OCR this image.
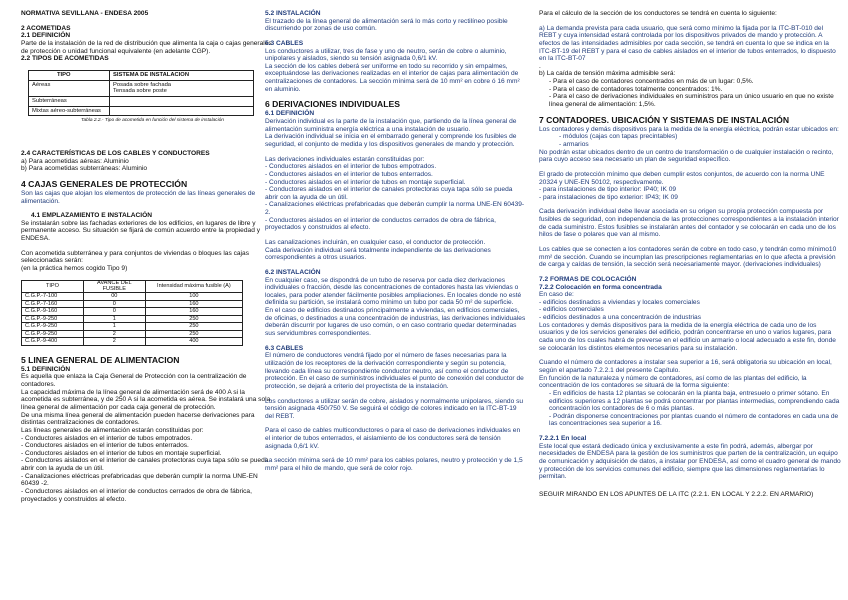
NORMATIVA SEVILLANA - ENDESA 2005

2 ACOMETIDAS

2.1 DEFINICIÓN

Parte de la instalación de la red de distribución que alimenta la caja o cajas generales de protección o unidad funcional equivalente (en adelante CGP).

2.2 TIPOS DE ACOMETIDAS

TIPO	SISTEMA DE INSTALACION
Aéreas	Posada sobre fachada
Tensada sobre poste
Subterráneas	
Mixtas aéreo-subterráneas	

Tabla 2.2.- Tipo de acometida en función del sistema de instalación

2.4 CARACTERÍSTICAS DE LOS CABLES Y CONDUCTORES

a) Para acometidas aéreas: Aluminio

b) Para acometidas subterráneas: Aluminio

4 CAJAS GENERALES DE PROTECCIÓN

Son las cajas que alojan los elementos de protección de las líneas generales de alimentación.

4.1 EMPLAZAMIENTO E INSTALACIÓN

Se instalarán sobre las fachadas exteriores de los edificios, en lugares de libre y permanente acceso. Su situación se fijará de común acuerdo entre la propiedad y ENDESA.

Con acometida subterránea y para conjuntos de viviendas o bloques las cajas seleccionadas serán:

(en la práctica hemos cogido Tipo 9)

TIPO	AVANCE DEL FUSIBLE	Intensidad máxima fusible (A)
C.G.P.-7-100	00	100
C.G.P.-7-160	0	160
C.G.P.-9-160	0	160
C.G.P.-9-250	1	250
C.G.P.-9-250	1	250
C.G.P.-9-250	2	250
C.G.P.-9-400	2	400

5 LINEA GENERAL DE ALIMENTACION

5.1 DEFINICIÓN

Es aquella que enlaza la Caja General de Protección con la centralización de contadores.

La capacidad máxima de la línea general de alimentación será de 400 A si la acometida es subterránea, y de 250 A si la acometida es aérea. Se instalará una sola línea general de alimentación por cada caja general de protección.

De una misma línea general de alimentación pueden hacerse derivaciones para distintas centralizaciones de contadores.

Las líneas generales de alimentación estarán constituidas por:

- Conductores aislados en el interior de tubos empotrados.

- Conductores aislados en el interior de tubos enterrados.

- Conductores aislados en el interior de tubos en montaje superficial.

- Conductores aislados en el interior de canales protectoras cuya tapa sólo se pueda abrir con la ayuda de un útil.

- Canalizaciones eléctricas prefabricadas que deberán cumplir la norma UNE-EN 60439 -2.

- Conductores aislados en el interior de conductos cerrados de obra de fábrica, proyectados y construidos al efecto.

5.2 INSTALACIÓN

El trazado de la línea general de alimentación será lo más corto y rectilíneo posible discurriendo por zonas de uso común.

5.3 CABLES

Los conductores a utilizar, tres de fase y uno de neutro, serán de cobre o aluminio, unipolares y aislados, siendo su tensión asignada 0,6/1 kV.

La sección de los cables deberá ser uniforme en todo su recorrido y sin empalmes, exceptuándose las derivaciones realizadas en el interior de cajas para alimentación de centralizaciones de contadores. La sección mínima será de 10 mm² en cobre ó 16 mm² en aluminio.

6 DERIVACIONES INDIVIDUALES

6.1 DEFINICIÓN

Derivación individual es la parte de la instalación que, partiendo de la línea general de alimentación suministra energía eléctrica a una instalación de usuario.

La derivación individual se inicia en el embarrado general y comprende los fusibles de seguridad, el conjunto de medida y los dispositivos generales de mando y protección.

Las derivaciones individuales estarán constituidas por:

- Conductores aislados en el interior de tubos empotrados.

- Conductores aislados en el interior de tubos enterrados.

- Conductores aislados en el interior de tubos en montaje superficial.

- Conductores aislados en el interior de canales protectoras cuya tapa sólo se pueda abrir con la ayuda de un útil.

- Canalizaciones eléctricas prefabricadas que deberán cumplir la norma UNE-EN 60439-2.

- Conductores aislados en el interior de conductos cerrados de obra de fábrica, proyectados y construidos al efecto.

Las canalizaciones incluirán, en cualquier caso, el conductor de protección.

Cada derivación individual será totalmente independiente de las derivaciones correspondientes a otros usuarios.

6.2 INSTALACIÓN

En cualquier caso, se dispondrá de un tubo de reserva por cada diez derivaciones individuales o fracción, desde las concentraciones de contadores hasta las viviendas o locales, para poder atender fácilmente posibles ampliaciones. En locales donde no esté definida su partición, se instalará como mínimo un tubo por cada 50 m² de superficie.

En el caso de edificios destinados principalmente a viviendas, en edificios comerciales, de oficinas, o destinados a una concentración de industrias, las derivaciones individuales deberán discurrir por lugares de uso común, o en caso contrario quedar determinadas sus servidumbres correspondientes.

6.3 CABLES

El número de conductores vendrá fijado por el número de fases necesarias para la utilización de los receptores de la derivación correspondiente y según su potencia, llevando cada línea su correspondiente conductor neutro, así como el conductor de protección. En el caso de suministros individuales el punto de conexión del conductor de protección, se dejará a criterio del proyectista de la instalación.

Los conductores a utilizar serán de cobre, aislados y normalmente unipolares, siendo su tensión asignada 450/750 V. Se seguirá el código de colores indicado en la ITC-BT-19 del REBT.

Para el caso de cables multiconductores o para el caso de derivaciones individuales en el interior de tubos enterrados, el aislamiento de los conductores será de tensión asignada 0,6/1 kV.

La sección mínima será de 10 mm² para los cables polares, neutro y protección y de 1,5 mm² para el hilo de mando, que será de color rojo.

Para el cálculo de la sección de los conductores se tendrá en cuenta lo siguiente:

a) La demanda prevista para cada usuario, que será como mínimo la fijada por la ITC-BT-010 del REBT y cuya intensidad estará controlada por los dispositivos privados de mando y protección. A efectos de las intensidades admisibles por cada sección, se tendrá en cuenta lo que se indica en la ITC-BT-19 del REBT y para el caso de cables aislados en el interior de tubos enterrados, lo dispuesto en la ITC-BT-07

.

b) La caída de tensión máxima admisible será:

- Para el caso de contadores concentrados en más de un lugar: 0,5%.

- Para el caso de contadores totalmente concentrados: 1%.

- Para el caso de derivaciones individuales en suministros para un único usuario en que no existe línea general de alimentación: 1,5%.

7 CONTADORES. UBICACIÓN Y SISTEMAS DE INSTALACIÓN

Los contadores y demás dispositivos para la medida de la energía eléctrica, podrán estar ubicados en:

- módulos (cajas con tapas precintables)

- armarios

No podrán estar ubicados dentro de un centro de transformación o de cualquier instalación o recinto, para cuyo acceso sea necesario un plan de seguridad específico.

El grado de protección mínimo que deben cumplir estos conjuntos, de acuerdo con la norma UNE 20324 y UNE-EN 50102, respectivamente.

- para instalaciones de tipo interior: IP40; IK 09

- para instalaciones de tipo exterior: IP43; IK 09

Cada derivación individual debe llevar asociada en su origen su propia protección compuesta por fusibles de seguridad, con independencia de las protecciones correspondientes a la instalación interior de cada suministro. Estos fusibles se instalarán antes del contador y se colocarán en cada uno de los hilos de fase o polares que van al mismo.

Los cables que se conecten a los contadores serán de cobre en todo caso, y tendrán como mínimo10 mm² de sección. Cuando se incumplan las prescripciones reglamentarias en lo que afecta a previsión de carga y caídas de tensión, la sección será necesariamente mayor. (derivaciones individuales)

7.2 FORMAS DE COLOCACIÓN

7.2.2 Colocación en forma concentrada

En caso de:

- edificios destinados a viviendas y locales comerciales

- edificios comerciales

- edificios destinados a una concentración de industrias

Los contadores y demás dispositivos para la medida de la energía eléctrica de cada uno de los usuarios y de los servicios generales del edificio, podrán concentrarse en uno o varios lugares, para cada uno de los cuales habrá de preverse en el edificio un armario o local adecuado a este fin, donde se colocarán los distintos elementos necesarios para su instalación.

Cuando el número de contadores a instalar sea superior a 16, será obligatoria su ubicación en local, según el apartado 7.2.2.1 del presente Capítulo.

En función de la naturaleza y número de contadores, así como de las plantas del edificio, la concentración de los contadores se situará de la forma siguiente:

- En edificios de hasta 12 plantas se colocarán en la planta baja, entresuelo o primer sótano. En edificios superiores a 12 plantas se podrá concentrar por plantas intermedias, comprendiendo cada concentración los contadores de 6 o más plantas.

- Podrán disponerse concentraciones por plantas cuando el número de contadores en cada una de las concentraciones sea superior a 16.

7.2.2.1 En local

Este local que estará dedicado única y exclusivamente a este fin podrá, además, albergar por necesidades de ENDESA para la gestión de los suministros que parten de la centralización, un equipo de comunicación y adquisición de datos, a instalar por ENDESA, así como el cuadro general de mando y protección de los servicios comunes del edificio, siempre que las dimensiones reglamentarias lo permitan.

SEGUIR MIRANDO EN LOS APUNTES DE LA ITC (2.2.1. EN LOCAL Y 2.2.2. EN ARMARIO)
